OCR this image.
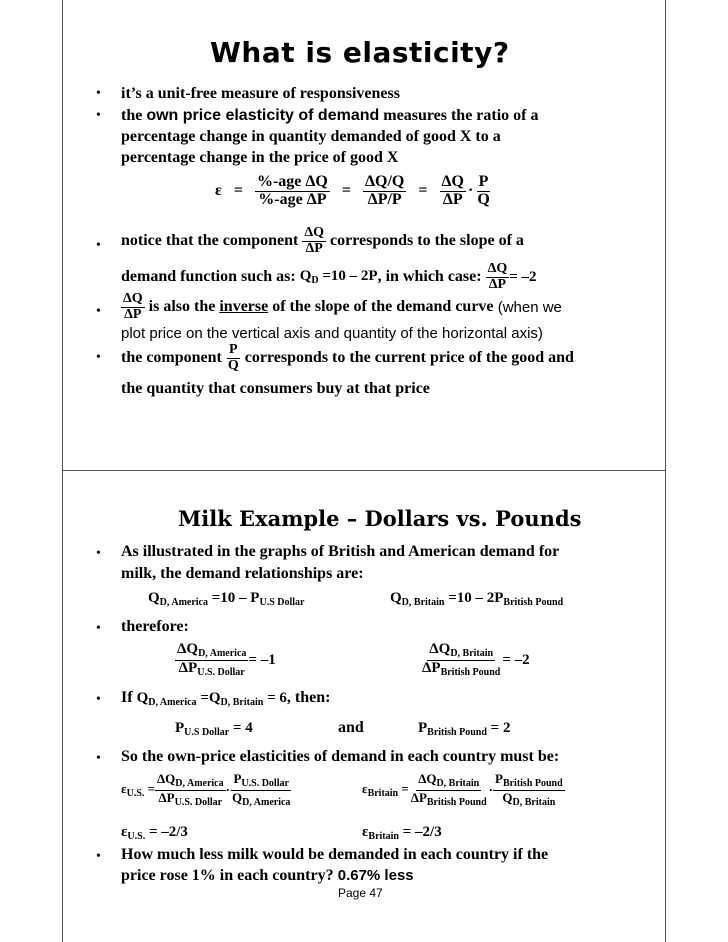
What is elasticity?
• it’s a unit-free measure of responsiveness
• the own price elasticity of demand measures the ratio of a
percentage change in quantity demanded of good X to a
percentage change in the price of good X
$\varepsilon = \frac{\text{\%-age ΔQ}}{\text{\%-age ΔP}} = \frac{\Delta Q/Q}{\Delta P/P} = \frac{\Delta Q}{\Delta P} \cdot \frac{P}{Q}$
• notice that the component $\frac{\Delta Q}{\Delta P}$ corresponds to the slope of a
demand function such as:
$Q_D =10 - 2P$ , in which case:
$\frac{\Delta Q}{\Delta P} = -2$
• $\frac{\Delta Q}{\Delta P}$ is also the inverse of the slope of the demand curve (when we
plot price on the vertical axis and quantity of the horizontal axis)
• the component $\frac{P}{Q}$ corresponds to the current price of the good and
the quantity that consumers buy at that price
Milk Example – Dollars vs. Pounds
• As illustrated in the graphs of British and American demand for
milk, the demand relationships are:
$Q_{D, America} =10 - P_{U.S Dollar}$	$Q_{D, Britain} =10 - 2P_{British Pound}$
• therefore:
$\frac{\Delta Q_{D, America}}{\Delta P_{U.S. Dollar}} = -1$	$\frac{\Delta Q_{D, Britain}}{\Delta P_{British Pound}} = -2$
• If $Q_{D, America} =Q_{D, Britain} = 6$, then:
$P_{U.S Dollar} = 4$	and	$P_{British Pound} = 2$
• So the own-price elasticities of demand in each country must be:
$\varepsilon_{U.S.} = \frac{\Delta Q_{D, America}}{\Delta P_{U.S. Dollar}} \cdot \frac{P_{U.S. Dollar}}{Q_{D, America}}$	$\varepsilon_{Britain} = \frac{\Delta Q_{D, Britain}}{\Delta P_{British Pound}} \cdot \frac{P_{British Pound}}{Q_{D, Britain}}$
$\varepsilon_{U.S.} = -2/3$	$\varepsilon_{Britain} = -2/3$
• How much less milk would be demanded in each country if the
price rose 1% in each country? 0.67% less
Page 47
